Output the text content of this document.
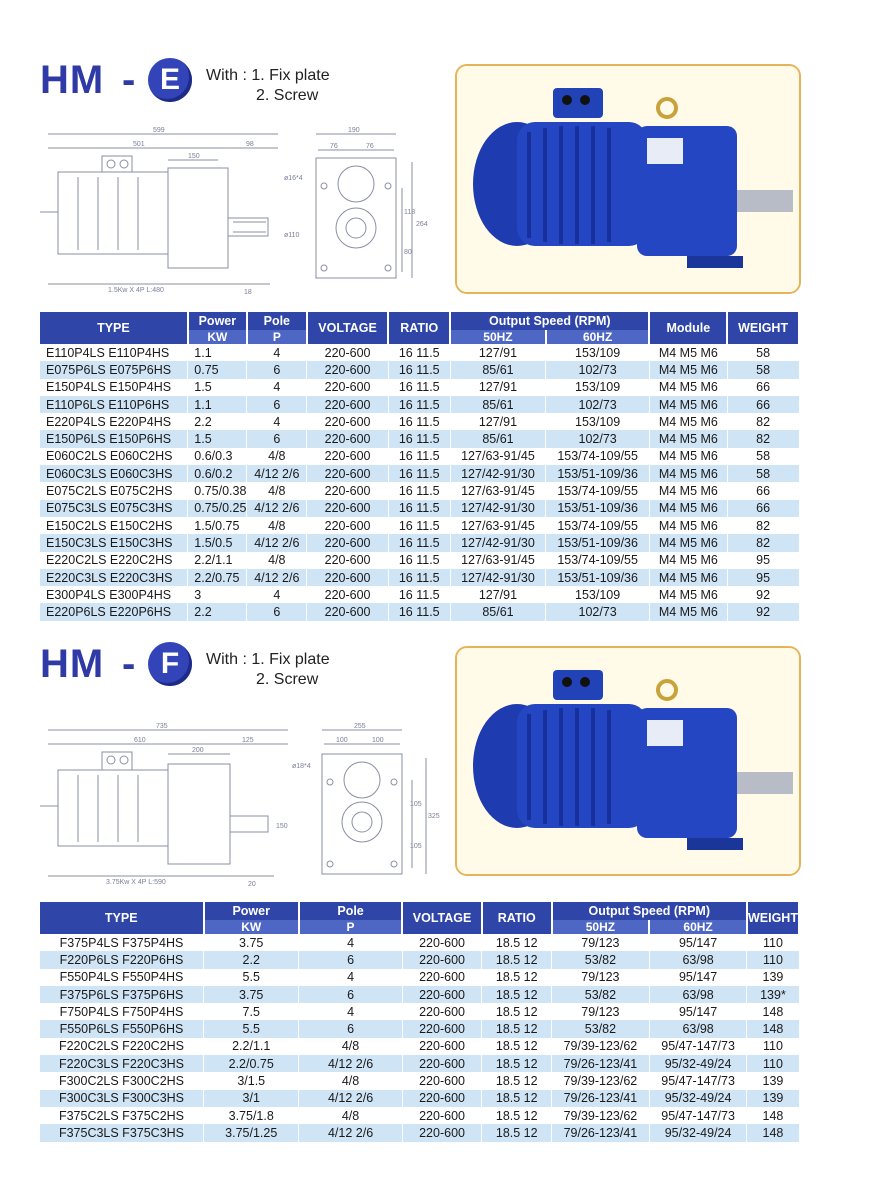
HM - E	With : 1. Fix plate
2. Screw
599
501	98
150
1.5Kw X 4P L:480	18
190
76	76
ø16*4
ø110
118
264
80
TYPE	Power	Pole	VOLTAGE	RATIO	Output Speed (RPM)		Module	WEIGHT
	KW	P			50HZ	60HZ		
E110P4LS E110P4HS	1.1	4	220-600	16 11.5	127/91	153/109	M4 M5 M6	58
E075P6LS E075P6HS	0.75	6	220-600	16 11.5	85/61	102/73	M4 M5 M6	58
E150P4LS E150P4HS	1.5	4	220-600	16 11.5	127/91	153/109	M4 M5 M6	66
E110P6LS E110P6HS	1.1	6	220-600	16 11.5	85/61	102/73	M4 M5 M6	66
E220P4LS E220P4HS	2.2	4	220-600	16 11.5	127/91	153/109	M4 M5 M6	82
E150P6LS E150P6HS	1.5	6	220-600	16 11.5	85/61	102/73	M4 M5 M6	82
E060C2LS E060C2HS	0.6/0.3	4/8	220-600	16 11.5	127/63-91/45	153/74-109/55	M4 M5 M6	58
E060C3LS E060C3HS	0.6/0.2	4/12 2/6	220-600	16 11.5	127/42-91/30	153/51-109/36	M4 M5 M6	58
E075C2LS E075C2HS	0.75/0.38	4/8	220-600	16 11.5	127/63-91/45	153/74-109/55	M4 M5 M6	66
E075C3LS E075C3HS	0.75/0.25	4/12 2/6	220-600	16 11.5	127/42-91/30	153/51-109/36	M4 M5 M6	66
E150C2LS E150C2HS	1.5/0.75	4/8	220-600	16 11.5	127/63-91/45	153/74-109/55	M4 M5 M6	82
E150C3LS E150C3HS	1.5/0.5	4/12 2/6	220-600	16 11.5	127/42-91/30	153/51-109/36	M4 M5 M6	82
E220C2LS E220C2HS	2.2/1.1	4/8	220-600	16 11.5	127/63-91/45	153/74-109/55	M4 M5 M6	95
E220C3LS E220C3HS	2.2/0.75	4/12 2/6	220-600	16 11.5	127/42-91/30	153/51-109/36	M4 M5 M6	95
E300P4LS E300P4HS	3	4	220-600	16 11.5	127/91	153/109	M4 M5 M6	92
E220P6LS E220P6HS	2.2	6	220-600	16 11.5	85/61	102/73	M4 M5 M6	92
HM - F	With : 1. Fix plate
2. Screw
735
610	125
200
3.75Kw X 4P L:590	20
150
255
100	100
ø18*4
105
325
105
TYPE	Power	Pole	VOLTAGE	RATIO	Output Speed (RPM)		WEIGHT
	KW	P			50HZ	60HZ	
F375P4LS F375P4HS	3.75	4	220-600	18.5 12	79/123	95/147	110
F220P6LS F220P6HS	2.2	6	220-600	18.5 12	53/82	63/98	110
F550P4LS F550P4HS	5.5	4	220-600	18.5 12	79/123	95/147	139
F375P6LS F375P6HS	3.75	6	220-600	18.5 12	53/82	63/98	139*
F750P4LS F750P4HS	7.5	4	220-600	18.5 12	79/123	95/147	148
F550P6LS F550P6HS	5.5	6	220-600	18.5 12	53/82	63/98	148
F220C2LS F220C2HS	2.2/1.1	4/8	220-600	18.5 12	79/39-123/62	95/47-147/73	110
F220C3LS F220C3HS	2.2/0.75	4/12 2/6	220-600	18.5 12	79/26-123/41	95/32-49/24	110
F300C2LS F300C2HS	3/1.5	4/8	220-600	18.5 12	79/39-123/62	95/47-147/73	139
F300C3LS F300C3HS	3/1	4/12 2/6	220-600	18.5 12	79/26-123/41	95/32-49/24	139
F375C2LS F375C2HS	3.75/1.8	4/8	220-600	18.5 12	79/39-123/62	95/47-147/73	148
F375C3LS F375C3HS	3.75/1.25	4/12 2/6	220-600	18.5 12	79/26-123/41	95/32-49/24	148
